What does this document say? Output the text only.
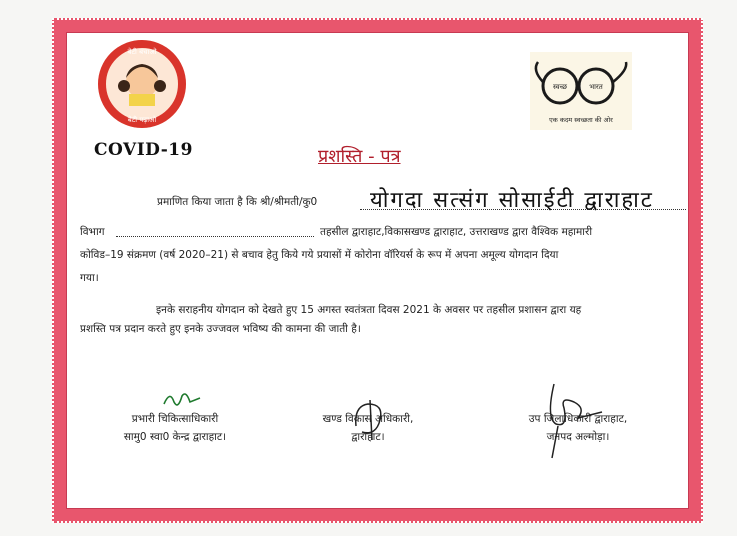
बेटी बचाओ
बेटी पढ़ाओ
स्वच्छ	भारत
एक कदम स्वच्छता की ओर
COVID-19	प्रशस्ति - पत्र
प्रमाणित किया जाता है कि श्री/श्रीमती/कु0 योगदा सत्संग सोसाईटी द्वाराहाट
विभाग	तहसील द्वाराहाट,विकासखण्ड द्वाराहाट, उत्तराखण्ड द्वारा वैश्विक महामारी
कोविड–19 संक्रमण (वर्ष 2020–21) से बचाव हेतु किये गये प्रयासों में कोरोना वॉरियर्स के रूप में अपना अमूल्य योगदान दिया
गया।
इनके सराहनीय योगदान को देखते हुए 15 अगस्त स्वतंत्रता दिवस 2021 के अवसर पर तहसील प्रशासन द्वारा यह
प्रशस्ति पत्र प्रदान करते हुए इनके उज्जवल भविष्य की कामना की जाती है।
प्रभारी चिकित्साधिकारी
सामु0 स्वा0 केन्द्र द्वाराहाट।
खण्ड विकास अधिकारी,
द्वाराहाट।
उप जिलाधिकारी द्वाराहाट,
जनपद अल्मोड़ा।
